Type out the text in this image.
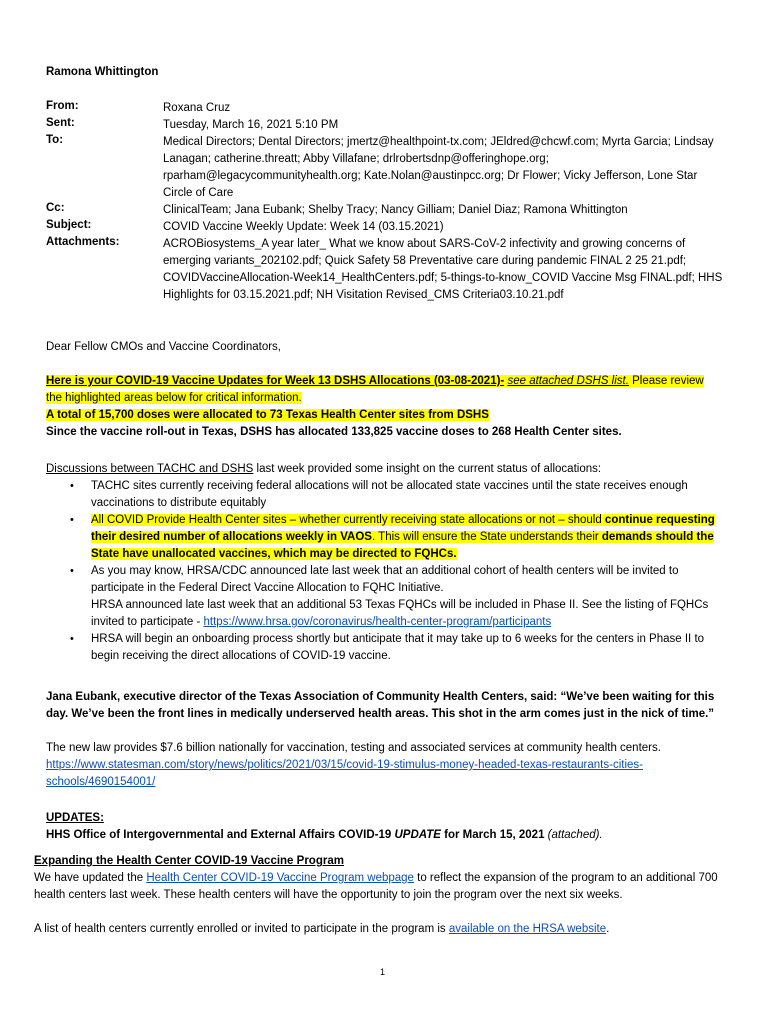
Ramona Whittington
From:	Roxana Cruz
Sent:	Tuesday, March 16, 2021 5:10 PM
To:	Medical Directors; Dental Directors; jmertz@healthpoint-tx.com; JEldred@chcwf.com; Myrta Garcia; Lindsay Lanagan; catherine.threatt; Abby Villafane; drlrobertsdnp@offeringhope.org; rparham@legacycommunityhealth.org; Kate.Nolan@austinpcc.org; Dr Flower; Vicky Jefferson, Lone Star Circle of Care
Cc:	ClinicalTeam; Jana Eubank; Shelby Tracy; Nancy Gilliam; Daniel Diaz; Ramona Whittington
Subject:	COVID Vaccine Weekly Update: Week 14 (03.15.2021)
Attachments:	ACROBiosystems_A year later_ What we know about SARS-CoV-2 infectivity and growing concerns of emerging variants_202102.pdf; Quick Safety 58 Preventative care during pandemic FINAL 2 25 21.pdf; COVIDVaccineAllocation-Week14_HealthCenters.pdf; 5-things-to-know_COVID Vaccine Msg FINAL.pdf; HHS Highlights for 03.15.2021.pdf; NH Visitation Revised_CMS Criteria03.10.21.pdf
Dear Fellow CMOs and Vaccine Coordinators,
Here is your COVID-19 Vaccine Updates for Week 13 DSHS Allocations (03-08-2021)- see attached DSHS list. Please review the highlighted areas below for critical information.
A total of 15,700 doses were allocated to 73 Texas Health Center sites from DSHS
Since the vaccine roll-out in Texas, DSHS has allocated 133,825 vaccine doses to 268 Health Center sites.
Discussions between TACHC and DSHS last week provided some insight on the current status of allocations:
• TACHC sites currently receiving federal allocations will not be allocated state vaccines until the state receives enough vaccinations to distribute equitably
• All COVID Provide Health Center sites – whether currently receiving state allocations or not – should continue requesting their desired number of allocations weekly in VAOS. This will ensure the State understands their demands should the State have unallocated vaccines, which may be directed to FQHCs.
• As you may know, HRSA/CDC announced late last week that an additional cohort of health centers will be invited to participate in the Federal Direct Vaccine Allocation to FQHC Initiative.
HRSA announced late last week that an additional 53 Texas FQHCs will be included in Phase II. See the listing of FQHCs invited to participate - https://www.hrsa.gov/coronavirus/health-center-program/participants
• HRSA will begin an onboarding process shortly but anticipate that it may take up to 6 weeks for the centers in Phase II to begin receiving the direct allocations of COVID-19 vaccine.
Jana Eubank, executive director of the Texas Association of Community Health Centers, said: “We’ve been waiting for this day. We’ve been the front lines in medically underserved health areas. This shot in the arm comes just in the nick of time.”
The new law provides $7.6 billion nationally for vaccination, testing and associated services at community health centers. https://www.statesman.com/story/news/politics/2021/03/15/covid-19-stimulus-money-headed-texas-restaurants-cities-schools/4690154001/
UPDATES:
HHS Office of Intergovernmental and External Affairs COVID-19 UPDATE for March 15, 2021 (attached).
Expanding the Health Center COVID-19 Vaccine Program
We have updated the Health Center COVID-19 Vaccine Program webpage to reflect the expansion of the program to an additional 700 health centers last week. These health centers will have the opportunity to join the program over the next six weeks.
A list of health centers currently enrolled or invited to participate in the program is available on the HRSA website.
1
